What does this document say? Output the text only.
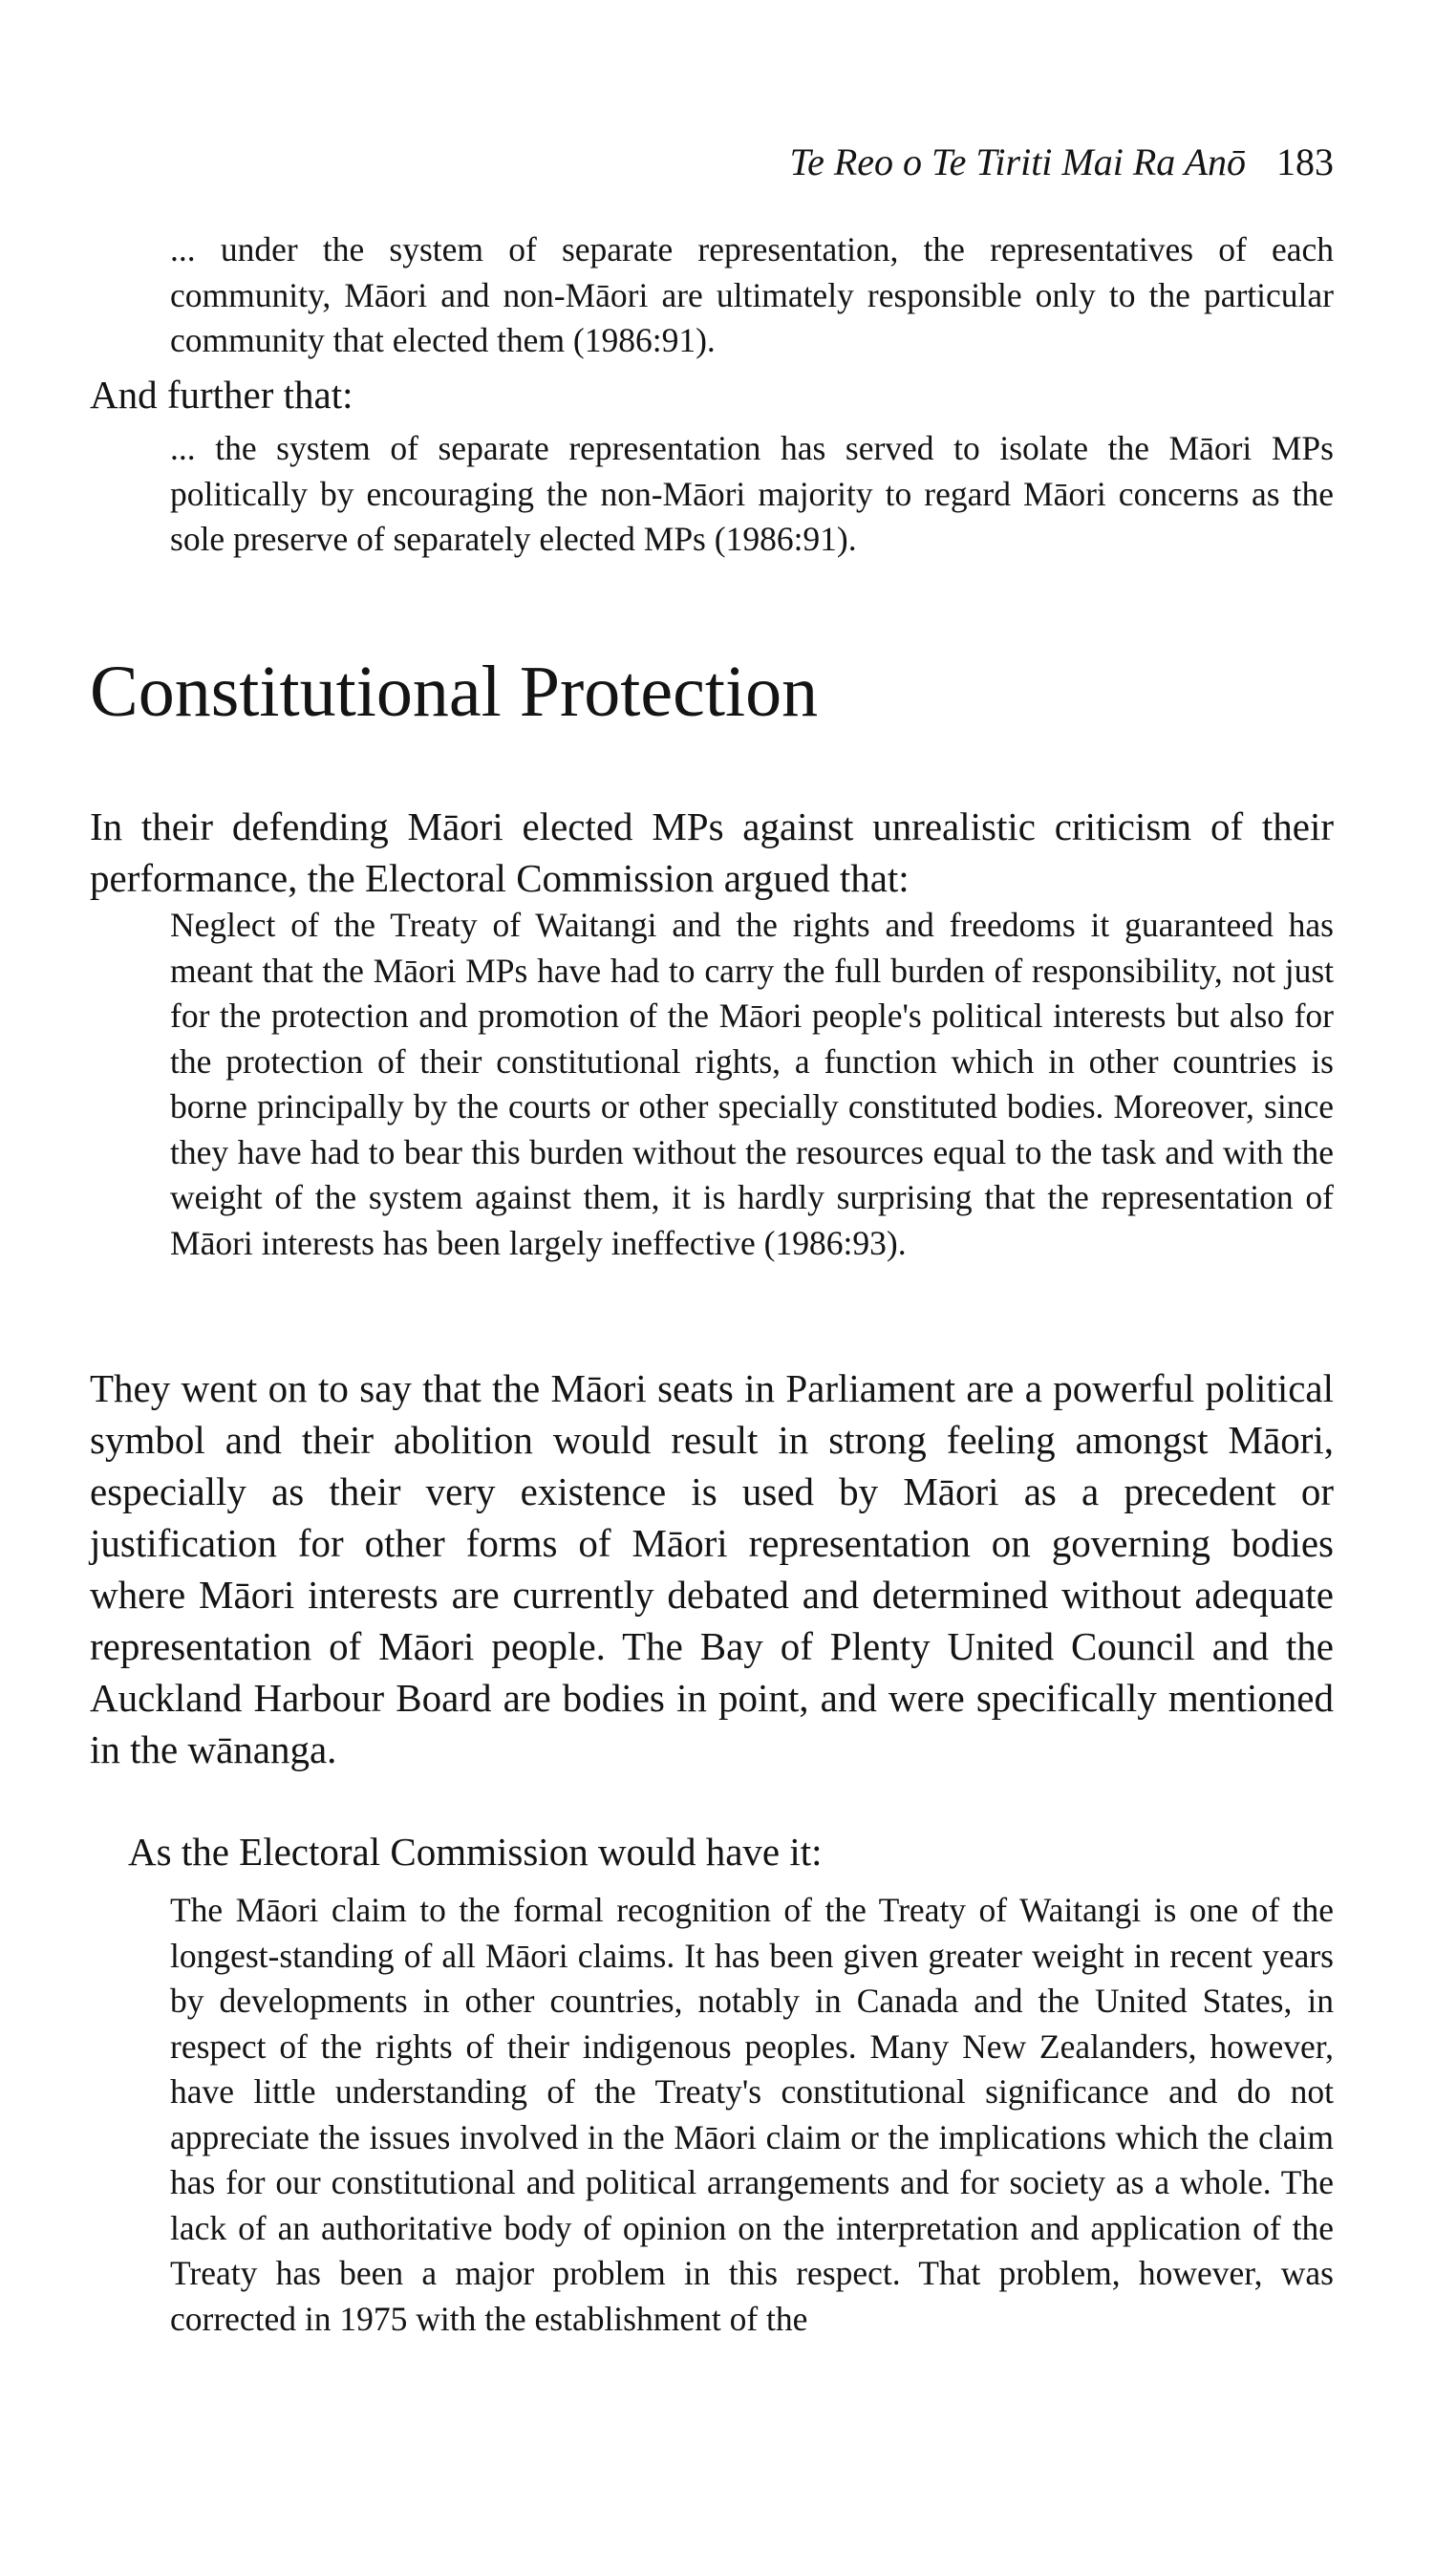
Te Reo o Te Tiriti Mai Ra Anō 183
... under the system of separate representation, the representatives of each community, Māori and non-Māori are ultimately responsible only to the particular community that elected them (1986:91).
And further that:
... the system of separate representation has served to isolate the Māori MPs politically by encouraging the non-Māori majority to regard Māori concerns as the sole preserve of separately elected MPs (1986:91).
Constitutional Protection
In their defending Māori elected MPs against unrealistic criticism of their performance, the Electoral Commission argued that:
Neglect of the Treaty of Waitangi and the rights and freedoms it guaranteed has meant that the Māori MPs have had to carry the full burden of responsibility, not just for the protection and promotion of the Māori people's political interests but also for the protection of their constitutional rights, a function which in other countries is borne principally by the courts or other specially constituted bodies. Moreover, since they have had to bear this burden without the resources equal to the task and with the weight of the system against them, it is hardly surprising that the representation of Māori interests has been largely ineffective (1986:93).
They went on to say that the Māori seats in Parliament are a powerful political symbol and their abolition would result in strong feeling amongst Māori, especially as their very existence is used by Māori as a precedent or justification for other forms of Māori representation on governing bodies where Māori interests are currently debated and determined without adequate representation of Māori people. The Bay of Plenty United Council and the Auckland Harbour Board are bodies in point, and were specifically mentioned in the wānanga.
As the Electoral Commission would have it:
The Māori claim to the formal recognition of the Treaty of Waitangi is one of the longest-standing of all Māori claims. It has been given greater weight in recent years by developments in other countries, notably in Canada and the United States, in respect of the rights of their indigenous peoples. Many New Zealanders, however, have little understanding of the Treaty's constitutional significance and do not appreciate the issues involved in the Māori claim or the implications which the claim has for our constitutional and political arrangements and for society as a whole. The lack of an authoritative body of opinion on the interpretation and application of the Treaty has been a major problem in this respect. That problem, however, was corrected in 1975 with the establishment of the
